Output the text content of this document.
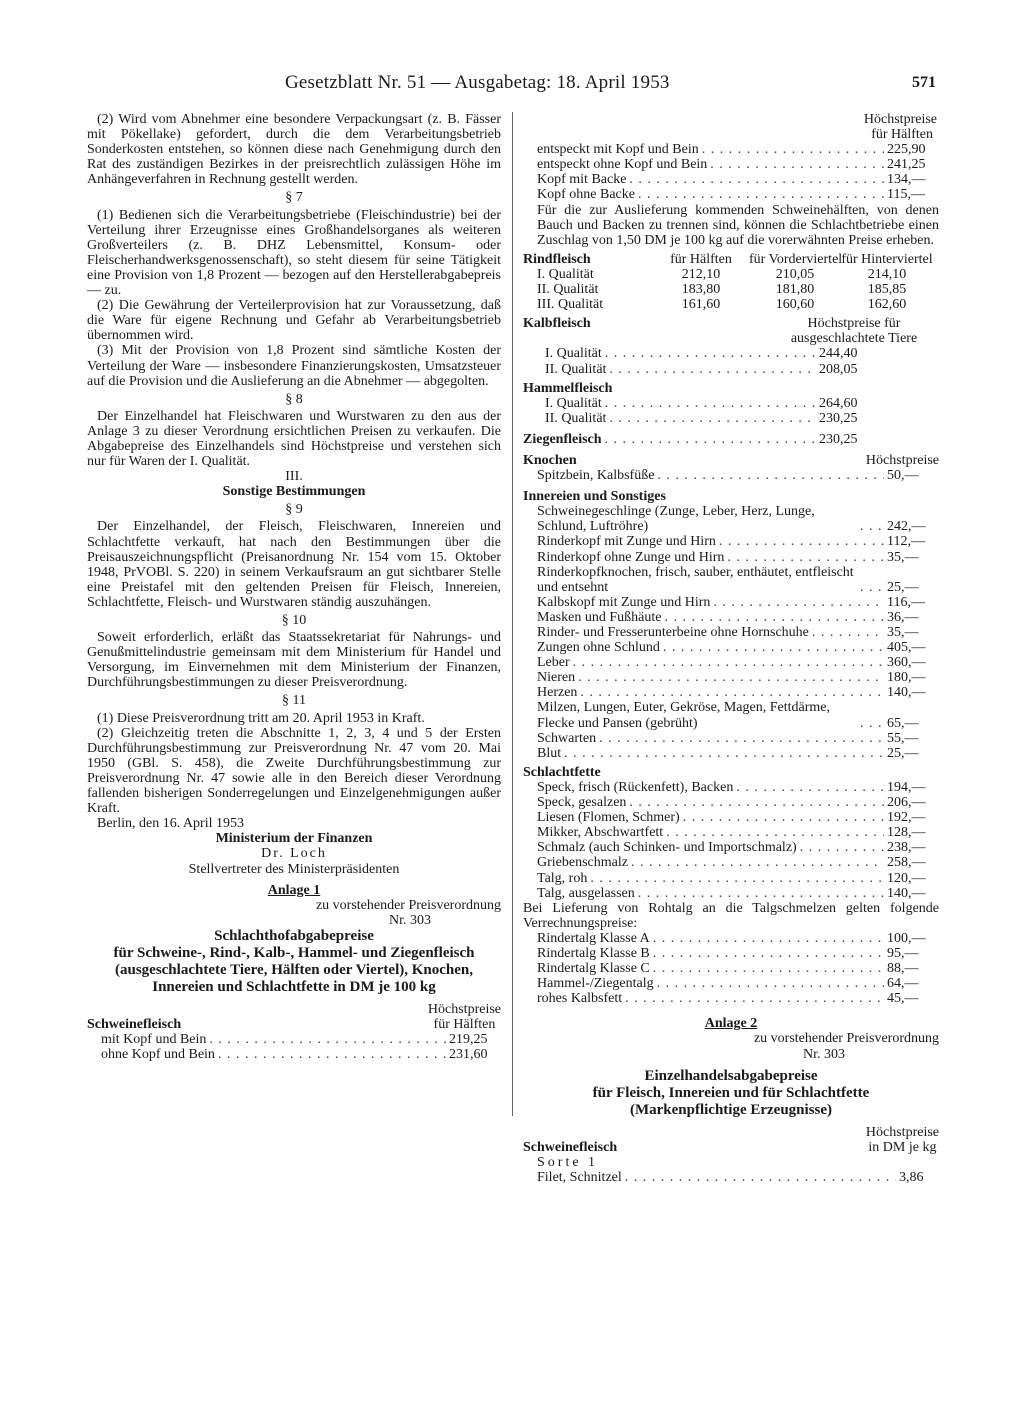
Gesetzblatt Nr. 51 — Ausgabetag: 18. April 1953	571

(2) Wird vom Abnehmer eine besondere Verpackungsart (z. B. Fässer mit Pökellake) gefordert, durch die dem Verarbeitungsbetrieb Sonderkosten entstehen, so können diese nach Genehmigung durch den Rat des zuständigen Bezirkes in der preisrechtlich zulässigen Höhe im Anhängeverfahren in Rechnung gestellt werden.

§ 7

(1) Bedienen sich die Verarbeitungsbetriebe (Fleischindustrie) bei der Verteilung ihrer Erzeugnisse eines Großhandelsorganes als weiteren Großverteilers (z. B. DHZ Lebensmittel, Konsum- oder Fleischerhandwerksgenossenschaft), so steht diesem für seine Tätigkeit eine Provision von 1,8 Prozent — bezogen auf den Herstellerabgabepreis — zu.

(2) Die Gewährung der Verteilerprovision hat zur Voraussetzung, daß die Ware für eigene Rechnung und Gefahr ab Verarbeitungsbetrieb übernommen wird.

(3) Mit der Provision von 1,8 Prozent sind sämtliche Kosten der Verteilung der Ware — insbesondere Finanzierungskosten, Umsatzsteuer auf die Provision und die Auslieferung an die Abnehmer — abgegolten.

§ 8

Der Einzelhandel hat Fleischwaren und Wurstwaren zu den aus der Anlage 3 zu dieser Verordnung ersichtlichen Preisen zu verkaufen. Die Abgabepreise des Einzelhandels sind Höchstpreise und verstehen sich nur für Waren der I. Qualität.

III.
Sonstige Bestimmungen
§ 9

Der Einzelhandel, der Fleisch, Fleischwaren, Innereien und Schlachtfette verkauft, hat nach den Bestimmungen über die Preisauszeichnungspflicht (Preisanordnung Nr. 154 vom 15. Oktober 1948, PrVOBl. S. 220) in seinem Verkaufsraum an gut sichtbarer Stelle eine Preistafel mit den geltenden Preisen für Fleisch, Innereien, Schlachtfette, Fleisch- und Wurstwaren ständig auszuhängen.

§ 10

Soweit erforderlich, erläßt das Staatssekretariat für Nahrungs- und Genußmittelindustrie gemeinsam mit dem Ministerium für Handel und Versorgung, im Einvernehmen mit dem Ministerium der Finanzen, Durchführungsbestimmungen zu dieser Preisverordnung.

§ 11

(1) Diese Preisverordnung tritt am 20. April 1953 in Kraft.

(2) Gleichzeitig treten die Abschnitte 1, 2, 3, 4 und 5 der Ersten Durchführungsbestimmung zur Preisverordnung Nr. 47 vom 20. Mai 1950 (GBl. S. 458), die Zweite Durchführungsbestimmung zur Preisverordnung Nr. 47 sowie alle in den Bereich dieser Verordnung fallenden bisherigen Sonderregelungen und Einzelgenehmigungen außer Kraft.

Berlin, den 16. April 1953

Ministerium der Finanzen
Dr. Loch
Stellvertreter des Ministerpräsidenten
Anlage 1
zu vorstehender Preisverordnung
Nr. 303
Schlachthofabgabepreise
für Schweine-, Rind-, Kalb-, Hammel- und Ziegenfleisch (ausgeschlachtete Tiere, Hälften oder Viertel), Knochen, Innereien und Schlachtfette in DM je 100 kg
Schweinefleisch
Höchstpreise
für Hälften
mit Kopf und Bein . . .	219,25
ohne Kopf und Bein . . .	231,60
Höchstpreise
für Hälften
entspeckt mit Kopf und Bein . . .	225,90
entspeckt ohne Kopf und Bein . . .	241,25
Kopf mit Backe . . .	134,—
Kopf ohne Backe . . .	115,—

Für die zur Auslieferung kommenden Schweinehälften, von denen Bauch und Backen zu trennen sind, können die Schlachtbetriebe einen Zuschlag von 1,50 DM je 100 kg auf die vorerwähnten Preise erheben.

Rindfleisch	für Hälften	für Vorderviertel für Hinterviertel
I. Qualität	212,10	210,05	214,10
II. Qualität	183,80	181,80	185,85
III. Qualität	161,60	160,60	162,60
Kalbfleisch	Höchstpreise für ausgeschlachtete Tiere
I. Qualität . . .	244,40
II. Qualität . . .	208,05
Hammelfleisch
I. Qualität . . .	264,60
II. Qualität . . .	230,25
Ziegenfleisch . . .	230,25
Knochen	Höchstpreise
Spitzbein, Kalbsfüße . . .	50,—
Innereien und Sonstiges
Schweinegeschlinge (Zunge, Leber, Herz, Lunge, Schlund, Luftröhre) . . .	242,—
Rinderkopf mit Zunge und Hirn . . .	112,—
Rinderkopf ohne Zunge und Hirn . . .	35,—
Rinderkopfknochen, frisch, sauber, enthäutet, entfleischt und entsehnt . . .	25,—
Kalbskopf mit Zunge und Hirn . . .	116,—
Masken und Fußhäute . . .	36,—
Rinder- und Fresserunterbeine ohne Hornschuhe . . .	35,—
Zungen ohne Schlund . . .	405,—
Leber . . .	360,—
Nieren . . .	180,—
Herzen . . .	140,—
Milzen, Lungen, Euter, Gekröse, Magen, Fettdärme, Flecke und Pansen (gebrüht) . . .	65,—
Schwarten . . .	55,—
Blut . . .	25,—
Schlachtfette
Speck, frisch (Rückenfett), Backen . . .	194,—
Speck, gesalzen . . .	206,—
Liesen (Flomen, Schmer) . . .	192,—
Mikker, Abschwartfett . . .	128,—
Schmalz (auch Schinken- und Importschmalz) . . .	238,—
Griebenschmalz . . .	258,—
Talg, roh . . .	120,—
Talg, ausgelassen . . .	140,—

Bei Lieferung von Rohtalg an die Talgschmelzen gelten folgende Verrechnungspreise:

Rindertalg Klasse A . . .	100,—
Rindertalg Klasse B . . .	95,—
Rindertalg Klasse C . . .	88,—
Hammel-/Ziegentalg . . .	64,—
rohes Kalbsfett . . .	45,—
Anlage 2
zu vorstehender Preisverordnung
Nr. 303
Einzelhandelsabgabepreise
für Fleisch, Innereien und für Schlachtfette
(Markenpflichtige Erzeugnisse)
Schweinefleisch
Höchstpreise
in DM je kg
Sorte 1
Filet, Schnitzel . . .	3,86
